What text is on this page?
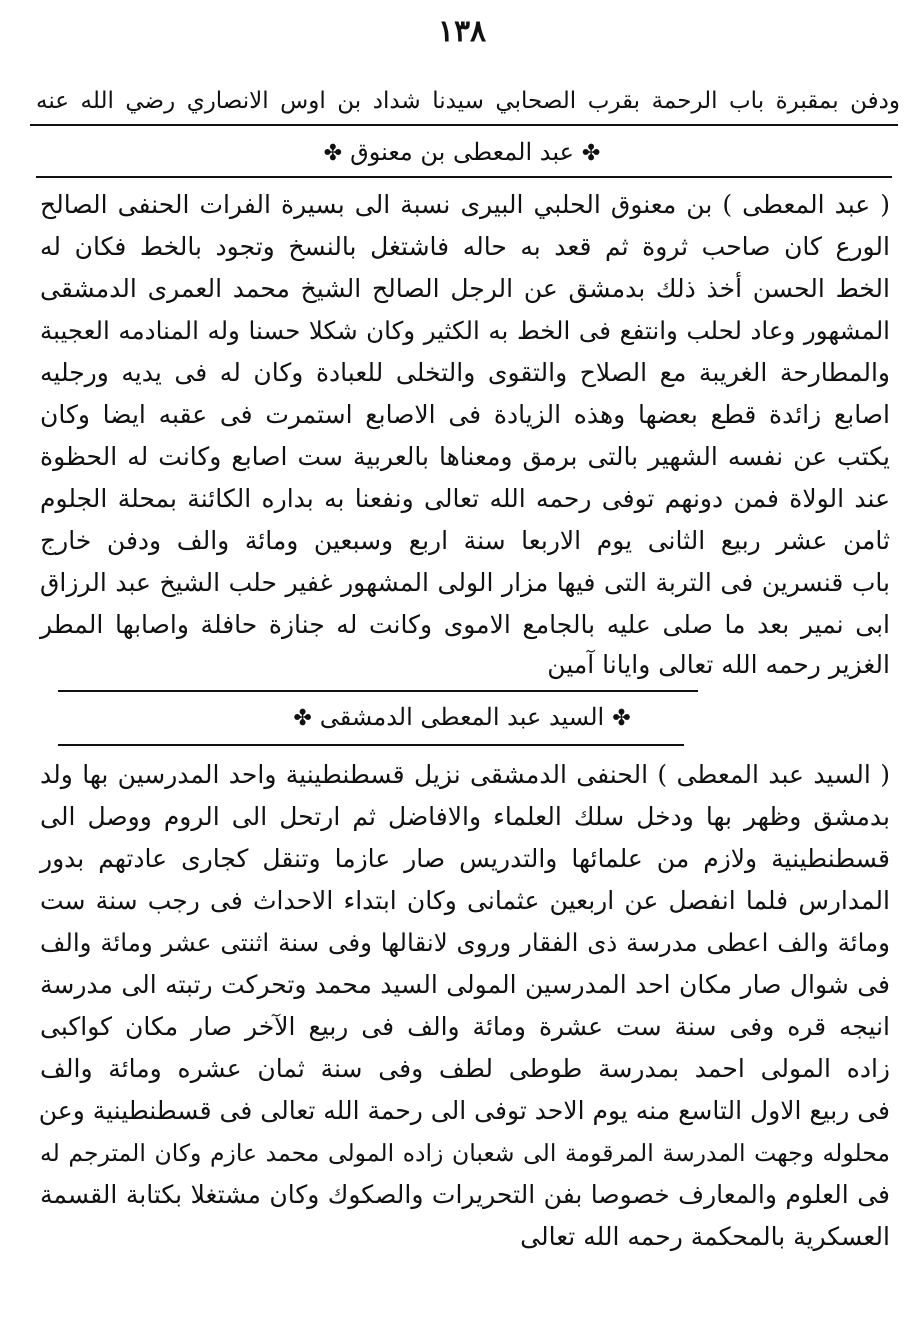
١٣٨
ودفن بمقبرة باب الرحمة بقرب الصحابي سيدنا شداد بن اوس الانصاري رضي الله عنه
✤عبد المعطى بن معنوق✤
( عبد المعطى ) بن معنوق الحلبي البيرى نسبة الى بسيرة الفرات الحنفى الصالح
الورع كان صاحب ثروة ثم قعد به حاله فاشتغل بالنسخ وتجود بالخط فكان له
الخط الحسن أخذ ذلك بدمشق عن الرجل الصالح الشيخ محمد العمرى الدمشقى
المشهور وعاد لحلب وانتفع فى الخط به الكثير وكان شكلا حسنا وله المنادمه العجيبة
والمطارحة الغريبة مع الصلاح والتقوى والتخلى للعبادة وكان له فى يديه ورجليه
اصابع زائدة قطع بعضها وهذه الزيادة فى الاصابع استمرت فى عقبه ايضا وكان
يكتب عن نفسه الشهير بالتى برمق ومعناها بالعربية ست اصابع وكانت له الحظوة
عند الولاة فمن دونهم توفى رحمه الله تعالى ونفعنا به بداره الكائنة بمحلة الجلوم
ثامن عشر ربيع الثانى يوم الاربعا سنة اربع وسبعين ومائة والف ودفن خارج
باب قنسرين فى التربة التى فيها مزار الولى المشهور غفير حلب الشيخ عبد الرزاق
ابى نمير بعد ما صلى عليه بالجامع الاموى وكانت له جنازة حافلة واصابها المطر
الغزير رحمه الله تعالى وايانا آمين
✤السيد عبد المعطى الدمشقى✤
( السيد عبد المعطى ) الحنفى الدمشقى نزيل قسطنطينية واحد المدرسين بها ولد
بدمشق وظهر بها ودخل سلك العلماء والافاضل ثم ارتحل الى الروم ووصل الى
قسطنطينية ولازم من علمائها والتدريس صار عازما وتنقل كجارى عادتهم بدور
المدارس فلما انفصل عن اربعين عثمانى وكان ابتداء الاحداث فى رجب سنة ست
ومائة والف اعطى مدرسة ذى الفقار وروى لانقالها وفى سنة اثنتى عشر ومائة والف
فى شوال صار مكان احد المدرسين المولى السيد محمد وتحركت رتبته الى مدرسة
انيجه قره وفى سنة ست عشرة ومائة والف فى ربيع الآخر صار مكان كواكبى
زاده المولى احمد بمدرسة طوطى لطف وفى سنة ثمان عشره ومائة والف
فى ربيع الاول التاسع منه يوم الاحد توفى الى رحمة الله تعالى فى قسطنطينية وعن
محلوله وجهت المدرسة المرقومة الى شعبان زاده المولى محمد عازم وكان المترجم له
فى العلوم والمعارف خصوصا بفن التحريرات والصكوك وكان مشتغلا بكتابة القسمة
العسكرية بالمحكمة رحمه الله تعالى
